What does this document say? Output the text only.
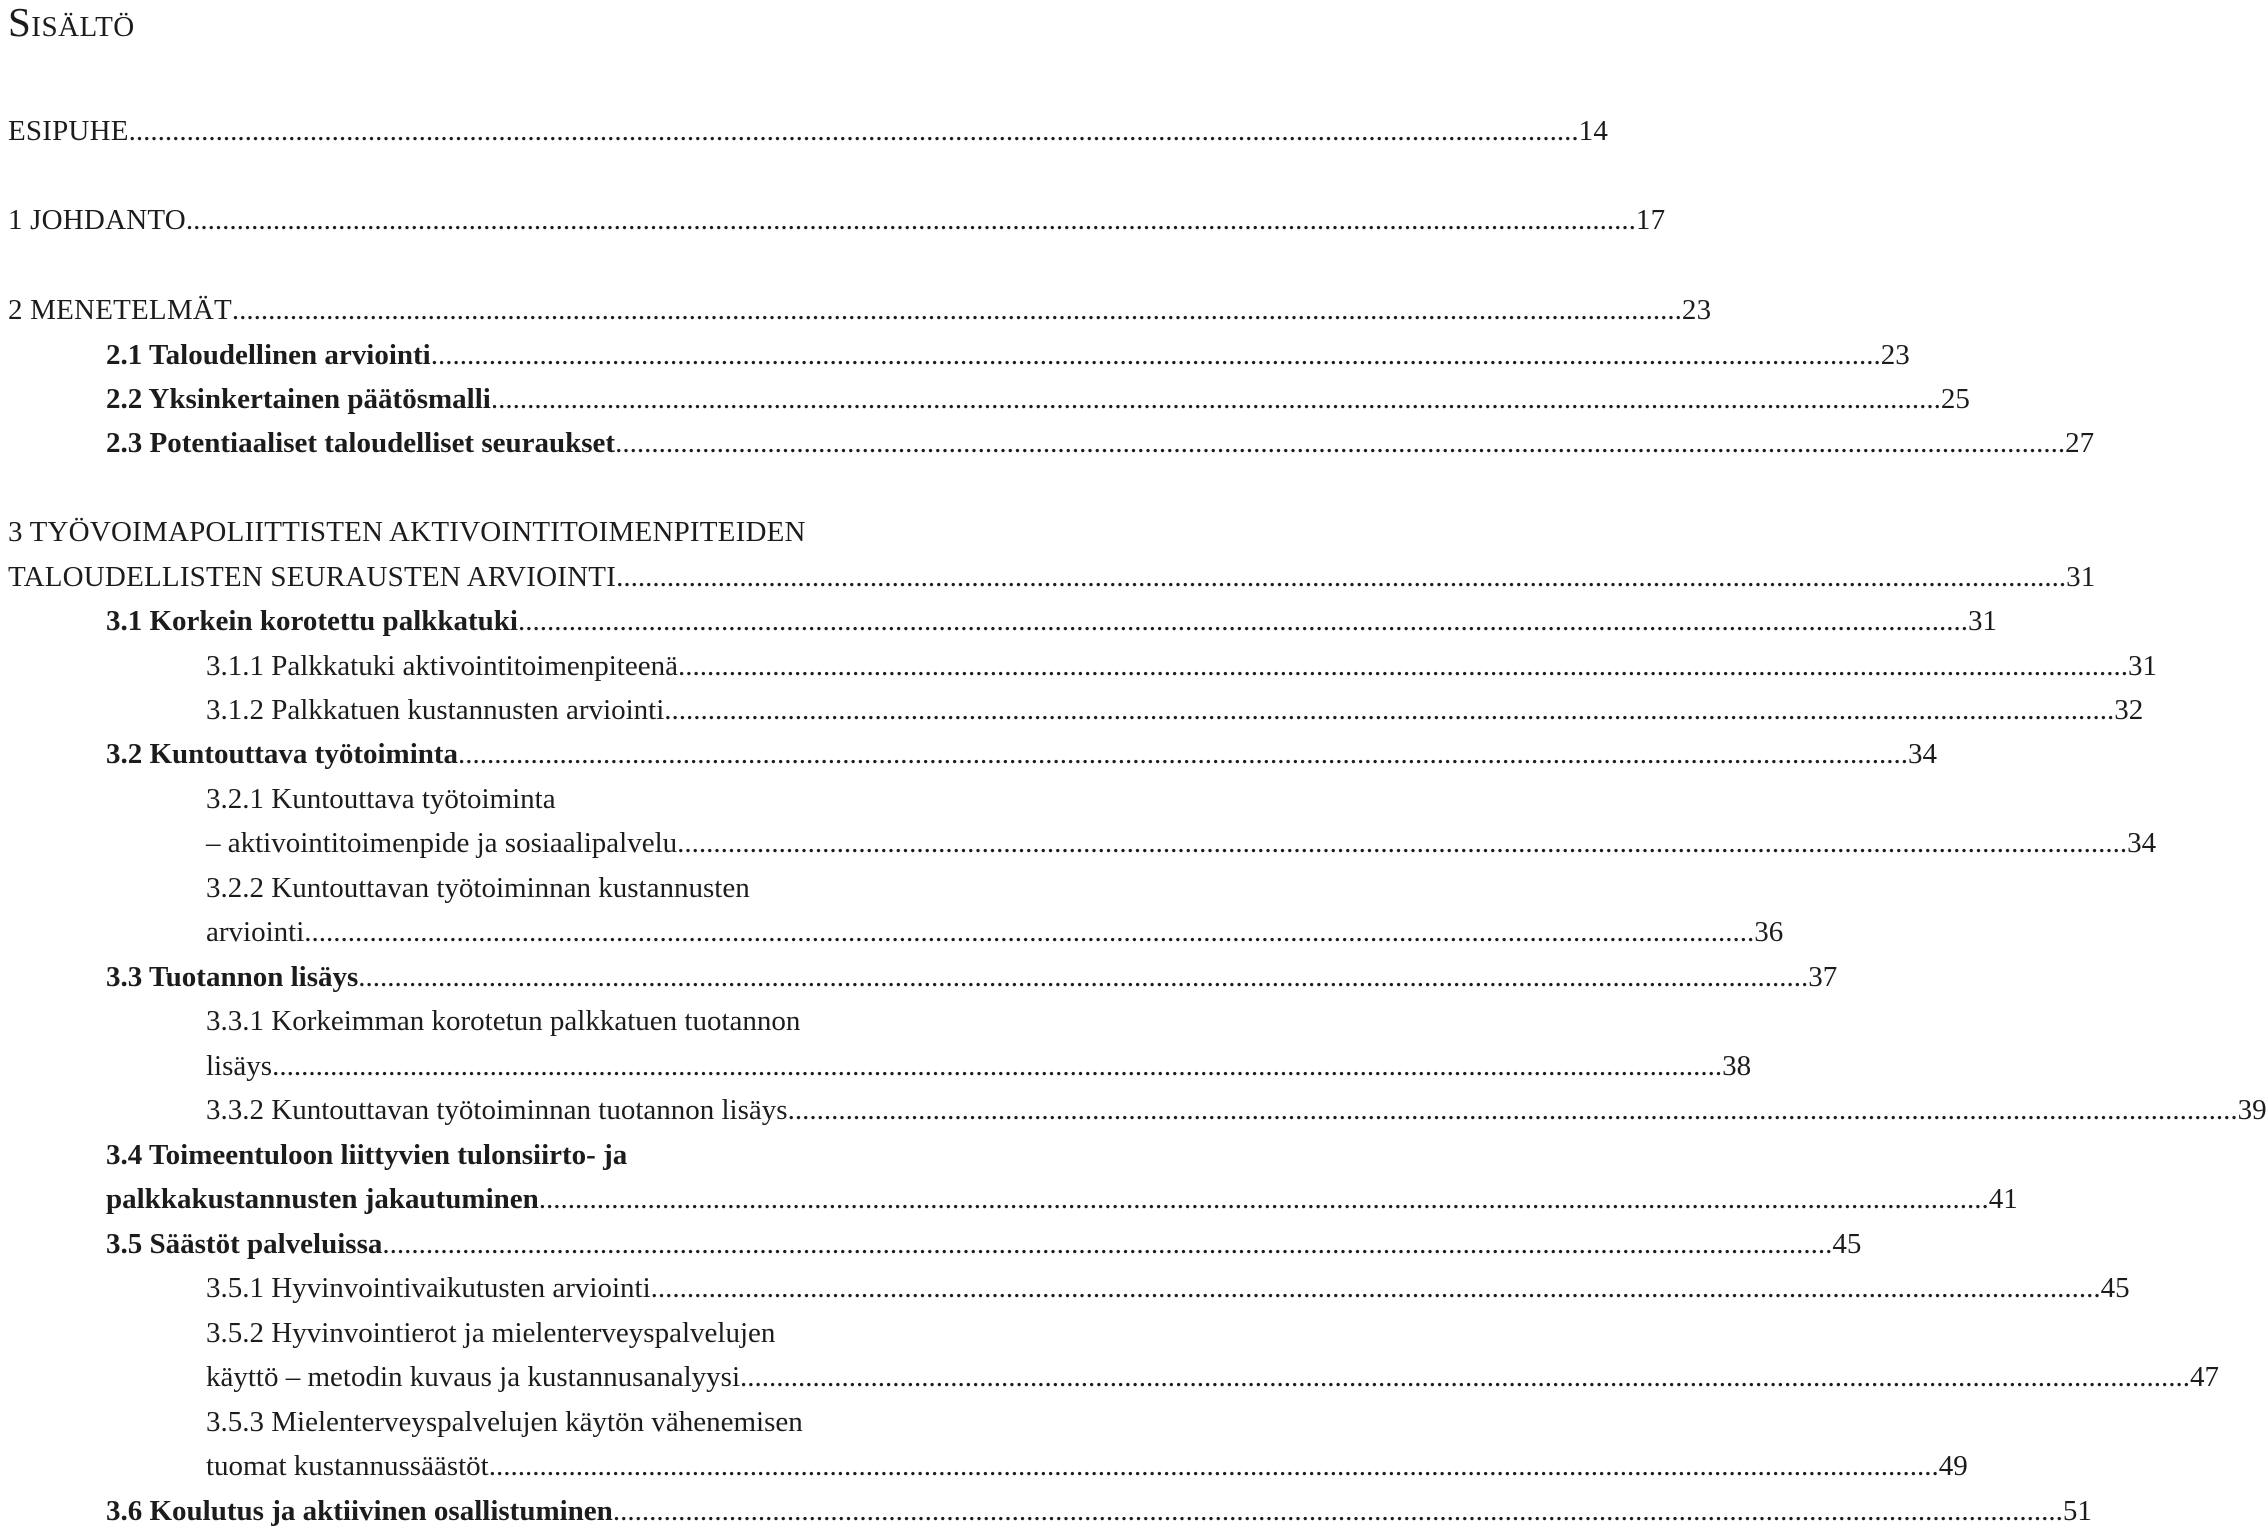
Sisältö
ESIPUHE ........................................................................................................................................................................................................ 14
1 JOHDANTO ........................................................................................................................................................................................................ 17
2 MENETELMÄT ........................................................................................................................................................................................................ 23
2.1 Taloudellinen arviointi ........................................................................................................................................................................................................ 23
2.2 Yksinkertainen päätösmalli ........................................................................................................................................................................................................ 25
2.3 Potentiaaliset taloudelliset seuraukset ........................................................................................................................................................................................................ 27
3 TYÖVOIMAPOLIITTISTEN AKTIVOINTITOIMENPITEIDEN
TALOUDELLISTEN SEURAUSTEN ARVIOINTI ........................................................................................................................................................................................................ 31
3.1 Korkein korotettu palkkatuki ........................................................................................................................................................................................................ 31
3.1.1 Palkkatuki aktivointitoimenpiteenä ........................................................................................................................................................................................................ 31
3.1.2 Palkkatuen kustannusten arviointi ........................................................................................................................................................................................................ 32
3.2 Kuntouttava työtoiminta ........................................................................................................................................................................................................ 34
3.2.1 Kuntouttava työtoiminta
– aktivointitoimenpide ja sosiaalipalvelu ........................................................................................................................................................................................................ 34
3.2.2 Kuntouttavan työtoiminnan kustannusten
arviointi ........................................................................................................................................................................................................ 36
3.3 Tuotannon lisäys ........................................................................................................................................................................................................ 37
3.3.1 Korkeimman korotetun palkkatuen tuotannon
lisäys ........................................................................................................................................................................................................ 38
3.3.2 Kuntouttavan työtoiminnan tuotannon lisäys ........................................................................................................................................................................................................ 39
3.4 Toimeentuloon liittyvien tulonsiirto- ja
palkkakustannusten jakautuminen ........................................................................................................................................................................................................ 41
3.5 Säästöt palveluissa ........................................................................................................................................................................................................ 45
3.5.1 Hyvinvointivaikutusten arviointi ........................................................................................................................................................................................................ 45
3.5.2 Hyvinvointierot ja mielenterveyspalvelujen
käyttö – metodin kuvaus ja kustannusanalyysi ........................................................................................................................................................................................................ 47
3.5.3 Mielenterveyspalvelujen käytön vähenemisen
tuomat kustannussäästöt ........................................................................................................................................................................................................ 49
3.6 Koulutus ja aktiivinen osallistuminen ........................................................................................................................................................................................................ 51
